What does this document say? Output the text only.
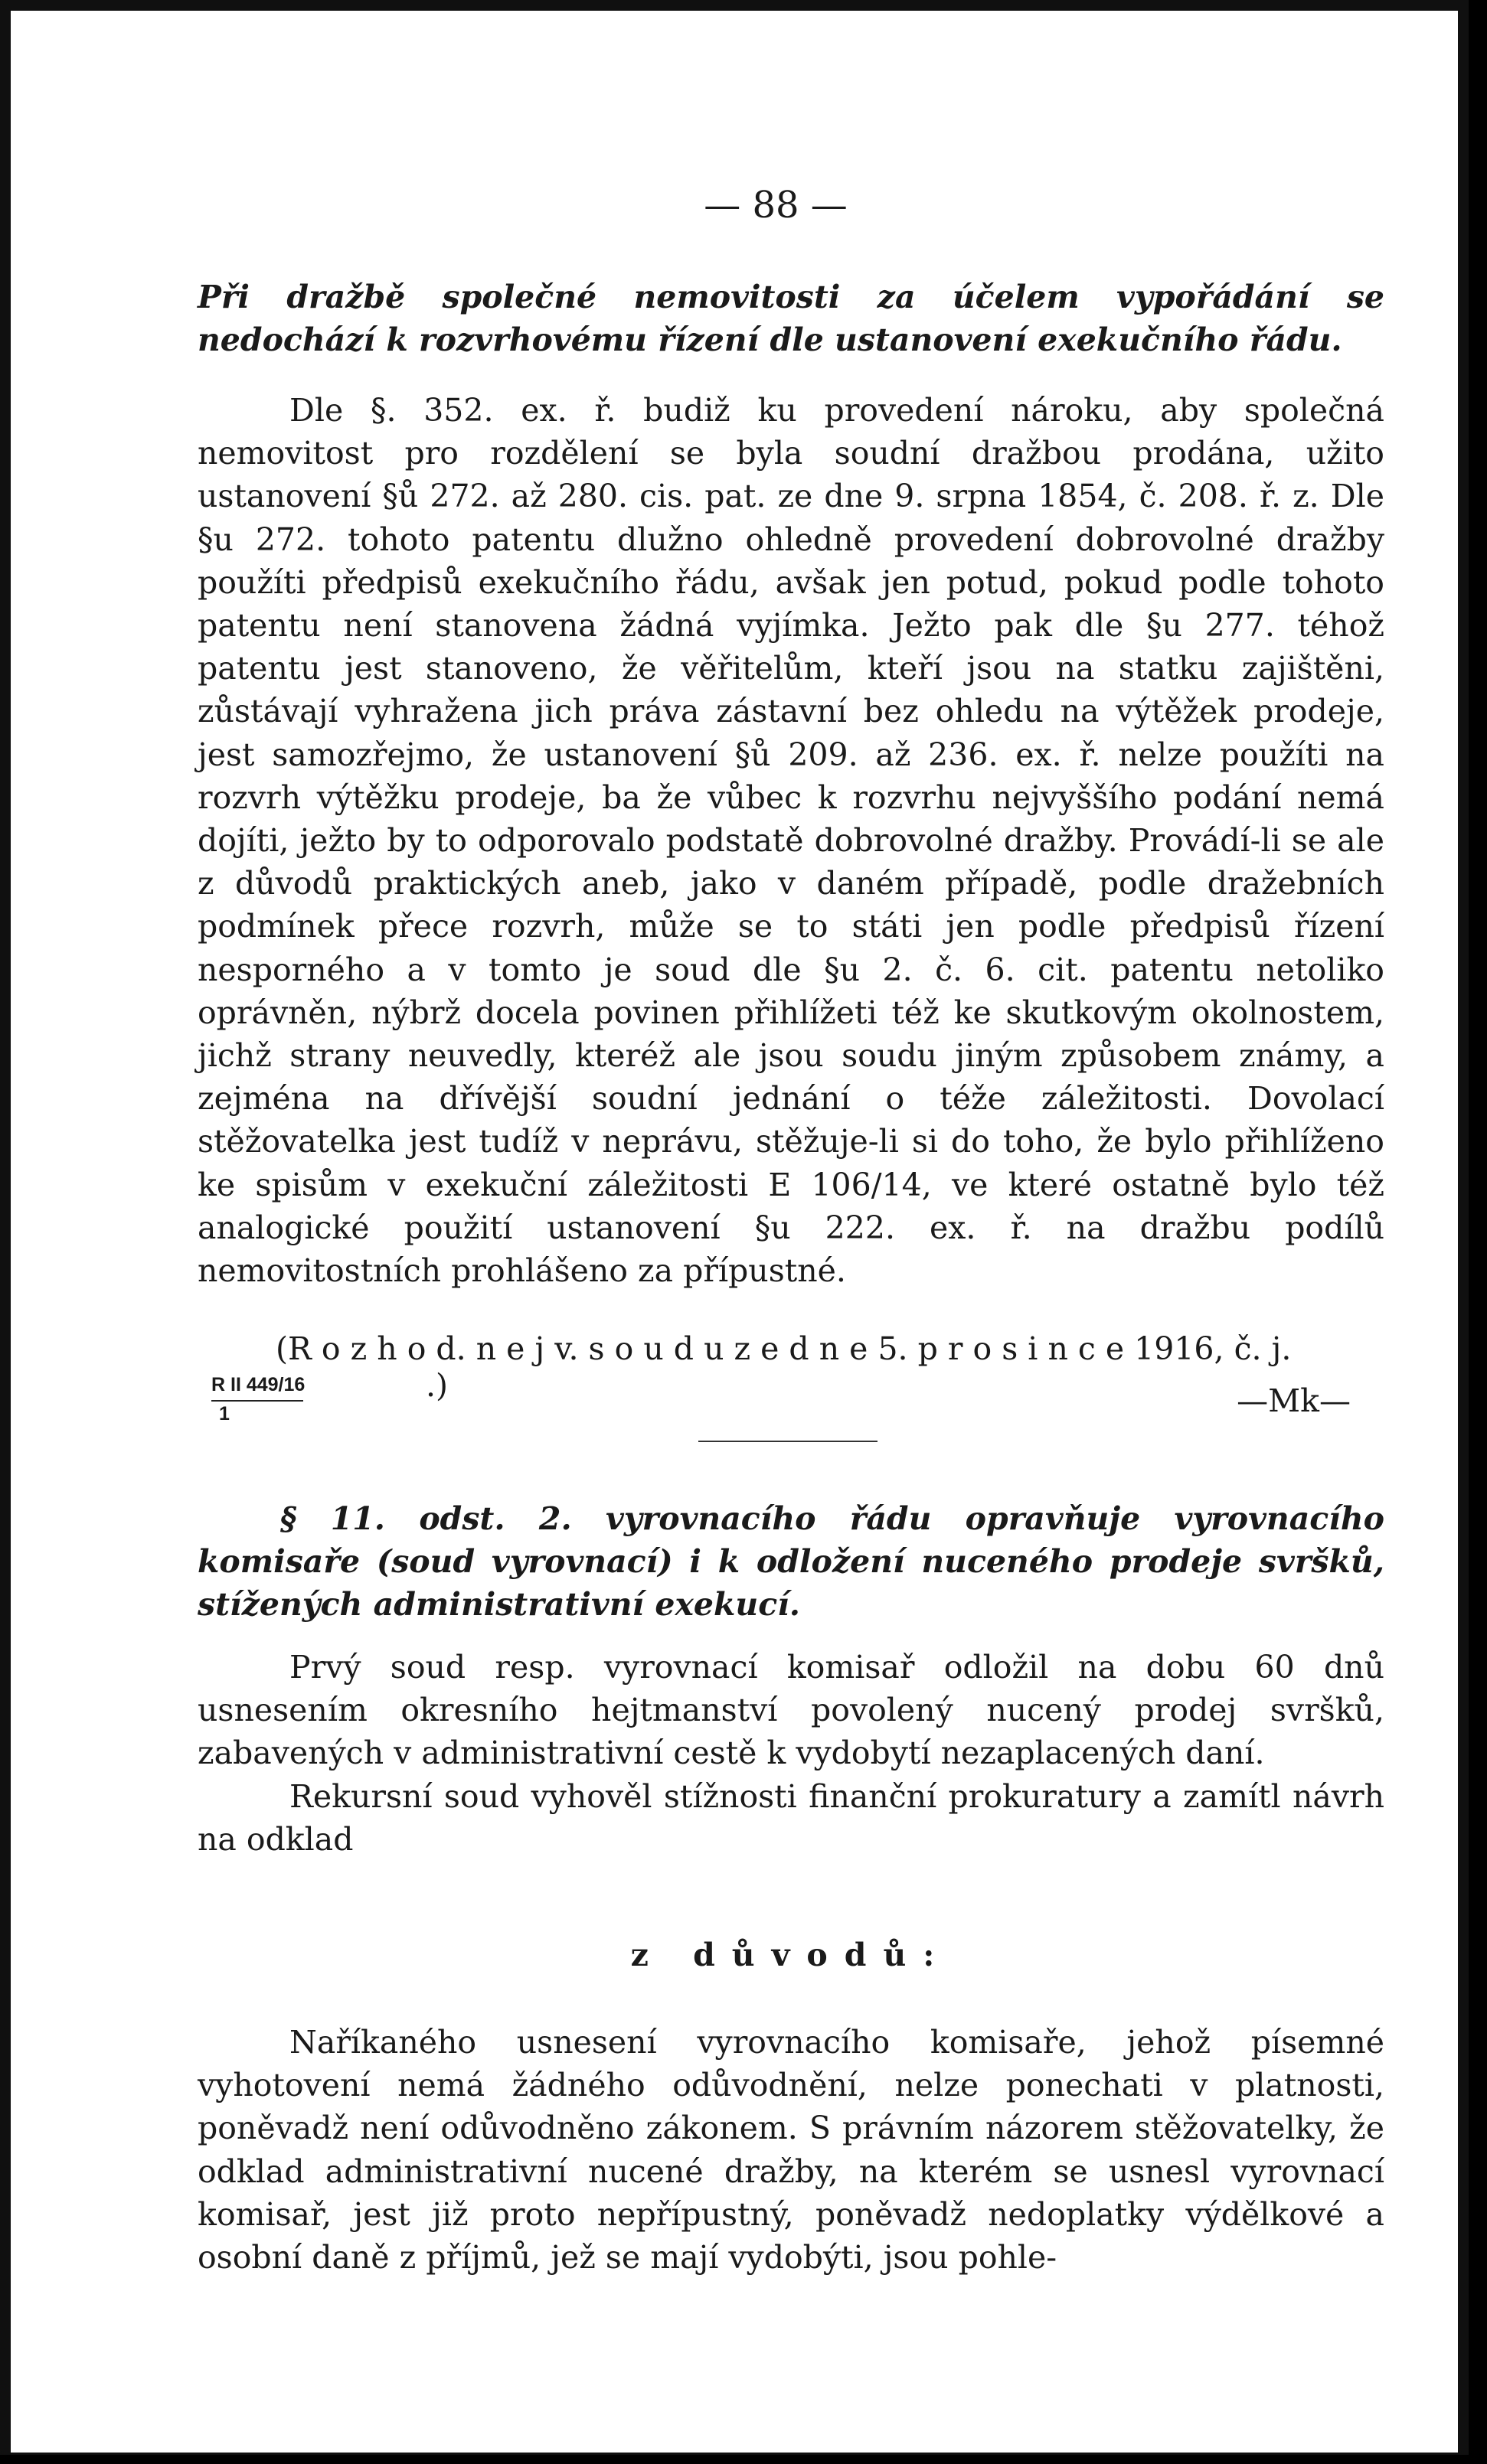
— 88 —
Při dražbě společné nemovitosti za účelem vypořádání se nedochází k rozvrhovému řízení dle ustanovení exekučního řádu.

Dle §. 352. ex. ř. budiž ku provedení nároku, aby společná nemovitost pro rozdělení se byla soudní dražbou prodána, užito ustanovení §ů 272. až 280. cis. pat. ze dne 9. srpna 1854, č. 208. ř. z. Dle §u 272. tohoto patentu dlužno ohledně provedení dobrovolné dražby použíti předpisů exekučního řádu, avšak jen potud, pokud podle tohoto patentu není stanovena žádná vyjímka. Ježto pak dle §u 277. téhož patentu jest stanoveno, že věřitelům, kteří jsou na statku zajištěni, zůstávají vyhražena jich práva zástavní bez ohledu na výtěžek prodeje, jest samozřejmo, že ustanovení §ů 209. až 236. ex. ř. nelze použíti na rozvrh výtěžku prodeje, ba že vůbec k rozvrhu nejvyššího podání nemá dojíti, ježto by to odporovalo podstatě dobrovolné dražby. Provádí-li se ale z důvodů praktických aneb, jako v daném případě, podle dražebních podmínek přece rozvrh, může se to státi jen podle předpisů řízení nesporného a v tomto je soud dle §u 2. č. 6. cit. patentu netoliko oprávněn, nýbrž docela povinen přihlížeti též ke skutkovým okolnostem, jichž strany neuvedly, kteréž ale jsou soudu jiným způsobem známy, a zejména na dřívější soudní jednání o téže záležitosti. Dovolací stěžovatelka jest tudíž v neprávu, stěžuje-li si do toho, že bylo přihlíženo ke spisům v exekuční záležitosti E 106/14, ve které ostatně bylo též analogické použití ustanovení §u 222. ex. ř. na dražbu podílů nemovitostních prohlášeno za přípustné.

(R o z h o d. n e j v. s o u d u z e d n e 5. p r o s i n c e 1916, č. j.
R II 449/16
1
.)	—Mk—
§ 11. odst. 2. vyrovnacího řádu opravňuje vyrovnacího komisaře (soud vyrovnací) i k odložení nuceného prodeje svršků, stížených administrativní exekucí.

Prvý soud resp. vyrovnací komisař odložil na dobu 60 dnů usnesením okresního hejtmanství povolený nucený prodej svršků, zabavených v administrativní cestě k vydobytí nezaplacených daní.

Rekursní soud vyhověl stížnosti finanční prokuratury a zamítl návrh na odklad

z důvodů:

Naříkaného usnesení vyrovnacího komisaře, jehož písemné vyhotovení nemá žádného odůvodnění, nelze ponechati v platnosti, poněvadž není odůvodněno zákonem. S právním názorem stěžovatelky, že odklad administrativní nucené dražby, na kterém se usnesl vyrovnací komisař, jest již proto nepřípustný, poněvadž nedoplatky výdělkové a osobní daně z příjmů, jež se mají vydobýti, jsou pohle-
